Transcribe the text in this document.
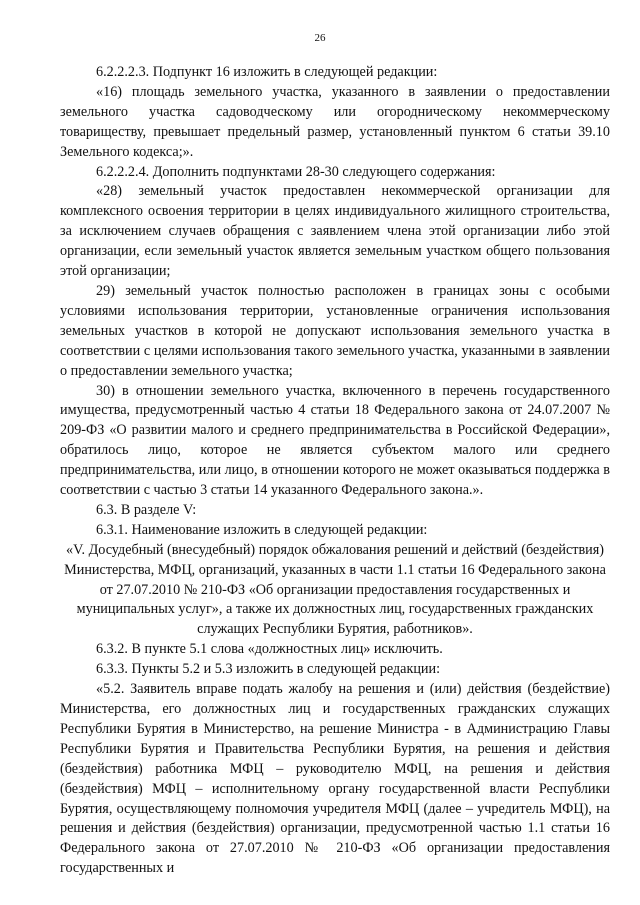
26

6.2.2.2.3. Подпункт 16 изложить в следующей редакции:

«16) площадь земельного участка, указанного в заявлении о предоставлении земельного участка садоводческому или огородническому некоммерческому товариществу, превышает предельный размер, установленный пунктом 6 статьи 39.10 Земельного кодекса;».

6.2.2.2.4. Дополнить подпунктами 28-30 следующего содержания:

«28) земельный участок предоставлен некоммерческой организации для комплексного освоения территории в целях индивидуального жилищного строительства, за исключением случаев обращения с заявлением члена этой организации либо этой организации, если земельный участок является земельным участком общего пользования этой организации;

29) земельный участок полностью расположен в границах зоны с особыми условиями использования территории, установленные ограничения использования земельных участков в которой не допускают использования земельного участка в соответствии с целями использования такого земельного участка, указанными в заявлении о предоставлении земельного участка;

30) в отношении земельного участка, включенного в перечень государственного имущества, предусмотренный частью 4 статьи 18 Федерального закона от 24.07.2007 № 209-ФЗ «О развитии малого и среднего предпринимательства в Российской Федерации», обратилось лицо, которое не является субъектом малого или среднего предпринимательства, или лицо, в отношении которого не может оказываться поддержка в соответствии с частью 3 статьи 14 указанного Федерального закона.».

6.3. В разделе V:

6.3.1. Наименование изложить в следующей редакции:

«V. Досудебный (внесудебный) порядок обжалования решений и действий (бездействия) Министерства, МФЦ, организаций, указанных в части 1.1 статьи 16 Федерального закона от 27.07.2010 № 210-ФЗ «Об организации предоставления государственных и муниципальных услуг», а также их должностных лиц, государственных гражданских служащих Республики Бурятия, работников».

6.3.2. В пункте 5.1 слова «должностных лиц» исключить.

6.3.3. Пункты 5.2 и 5.3 изложить в следующей редакции:

«5.2. Заявитель вправе подать жалобу на решения и (или) действия (бездействие) Министерства, его должностных лиц и государственных гражданских служащих Республики Бурятия в Министерство, на решение Министра - в Администрацию Главы Республики Бурятия и Правительства Республики Бурятия, на решения и действия (бездействия) работника МФЦ – руководителю МФЦ, на решения и действия (бездействия) МФЦ – исполнительному органу государственной власти Республики Бурятия, осуществляющему полномочия учредителя МФЦ (далее – учредитель МФЦ), на решения и действия (бездействия) организации, предусмотренной частью 1.1 статьи 16 Федерального закона от 27.07.2010 № 210-ФЗ «Об организации предоставления государственных и
